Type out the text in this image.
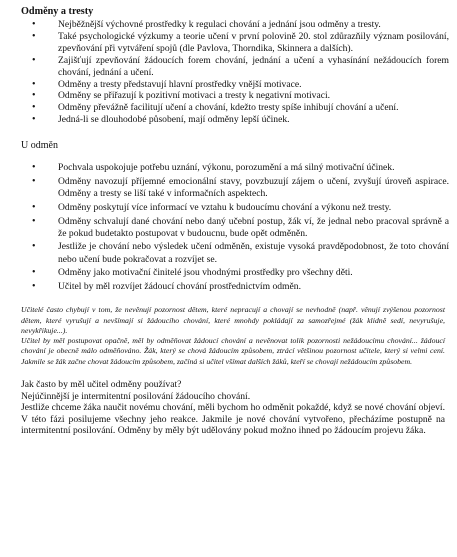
Odměny a tresty
• Nejběžnější výchovné prostředky k regulaci chování a jednání jsou odměny a tresty.
• Také psychologické výzkumy a teorie učení v první polovině 20. stol zdůrazňily význam posilování, zpevňování při vytváření spojů (dle Pavlova, Thorndika, Skinnera a dalších).
• Zajišťují zpevňování žádoucích forem chování, jednání a učení a vyhasínání nežádoucích forem chování, jednání a učení.
• Odměny a tresty představují hlavní prostředky vnější motivace.
• Odměny se přiřazují k pozitivní motivaci a tresty k negativní motivaci.
• Odměny převážně facilitují učení a chování, kdežto tresty spíše inhibují chování a učení.
• Jedná-li se dlouhodobé působení, mají odměny lepší účinek.
U odměn
• Pochvala uspokojuje potřebu uznání, výkonu, porozumění a má silný motivační účinek.
• Odměny navozují příjemné emocionální stavy, povzbuzují zájem o učení, zvyšují úroveň aspirace. Odměny a tresty se liší také v informačních aspektech.
• Odměny poskytují více informací ve vztahu k budoucímu chování a výkonu než tresty.
• Odměny schvalují dané chování nebo daný učební postup, žák ví, že jednal nebo pracoval správně a že pokud budetakto postupovat v budoucnu, bude opět odměněn.
• Jestliže je chování nebo výsledek učení odměněn, existuje vysoká pravděpodobnost, že toto chování nebo učení bude pokračovat a rozvíjet se.
• Odměny jako motivační činitelé jsou vhodnými prostředky pro všechny děti.
• Učitel by měl rozvíjet žádoucí chování prostřednictvím odměn.

Učitelé často chybují v tom, že nevěnují pozornost dětem, které nepracují a chovají se nevhodně (např. věnují zvýšenou pozornost dětem, které vyrušují a nevšímají si žádoucího chování, které mnohdy pokládají za samozřejmé (žák klidně sedí, nevyrušuje, nevykřikuje...).

Učitel by měl postupovat opačně, měl by odměňovat žádoucí chování a nevěnovat tolik pozornosti nežádoucímu chování... žádoucí chování je obecně málo odměňováno. Žák, který se chová žádoucím způsobem, ztrácí většinou pozornost učitele, který si velmi cení. Jakmile se žák začne chovat žádoucím způsobem, začíná si učitel všímat dalších žáků, kteří se chovají nežádoucím způsobem.

Jak často by měl učitel odměny používat?

Nejúčinnější je intermitentní posilování žádoucího chování.

Jestliže chceme žáka naučit novému chování, měli bychom ho odměnit pokaždé, když se nové chování objeví. V této fázi posilujeme všechny jeho reakce. Jakmile je nové chování vytvořeno, přecházíme postupně na intermitentní posilování. Odměny by měly být udělovány pokud možno ihned po žádoucím projevu žáka.
